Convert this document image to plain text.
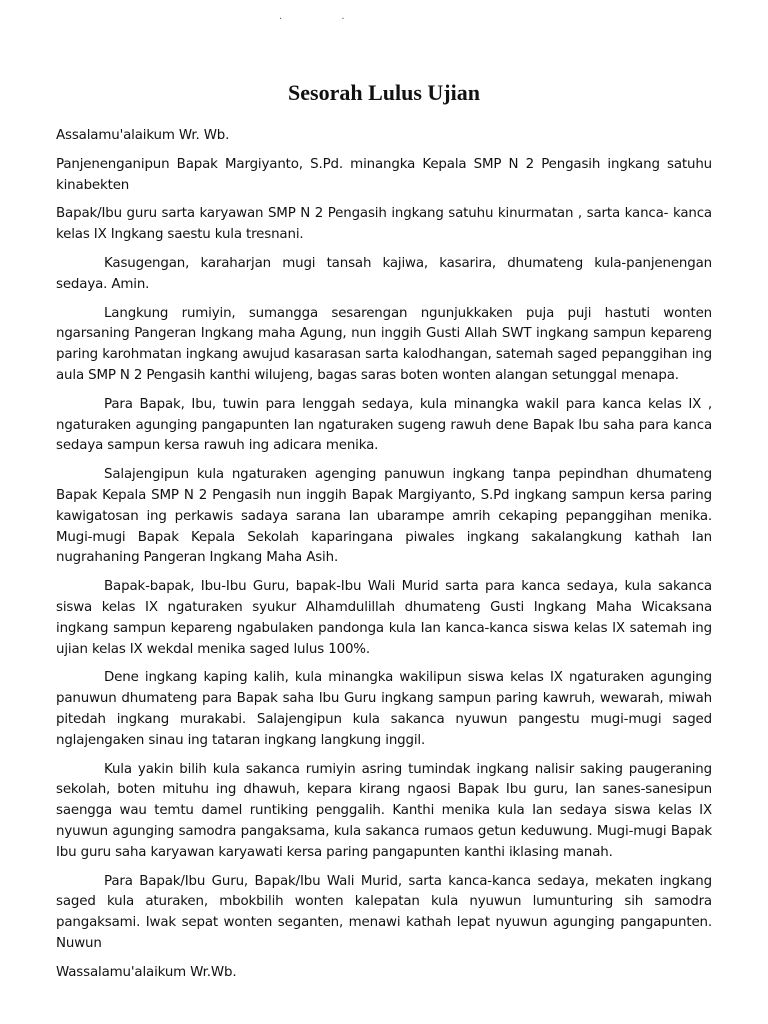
Sesorah Lulus Ujian

Assalamu'alaikum Wr. Wb.

Panjenenganipun Bapak Margiyanto, S.Pd. minangka Kepala SMP N 2 Pengasih ingkang satuhu kinabekten

Bapak/Ibu guru sarta karyawan SMP N 2 Pengasih ingkang satuhu kinurmatan , sarta kanca- kanca kelas IX Ingkang saestu kula tresnani.

Kasugengan, karaharjan mugi tansah kajiwa, kasarira, dhumateng kula-panjenengan sedaya. Amin.

Langkung rumiyin, sumangga sesarengan ngunjukkaken puja puji hastuti wonten ngarsaning Pangeran Ingkang maha Agung, nun inggih Gusti Allah SWT ingkang sampun kepareng paring karohmatan ingkang awujud kasarasan sarta kalodhangan, satemah saged pepanggihan ing aula SMP N 2 Pengasih kanthi wilujeng, bagas saras boten wonten alangan setunggal menapa.

Para Bapak, Ibu, tuwin para lenggah sedaya, kula minangka wakil para kanca kelas IX , ngaturaken agunging pangapunten Ian ngaturaken sugeng rawuh dene Bapak Ibu saha para kanca sedaya sampun kersa rawuh ing adicara menika.

Salajengipun kula ngaturaken agenging panuwun ingkang tanpa pepindhan dhumateng Bapak Kepala SMP N 2 Pengasih nun inggih Bapak Margiyanto, S.Pd ingkang sampun kersa paring kawigatosan ing perkawis sadaya sarana Ian ubarampe amrih cekaping pepanggihan menika. Mugi-mugi Bapak Kepala Sekolah kaparingana piwales ingkang sakalangkung kathah Ian nugrahaning Pangeran Ingkang Maha Asih.

Bapak-bapak, Ibu-Ibu Guru, bapak-Ibu Wali Murid sarta para kanca sedaya, kula sakanca siswa kelas IX ngaturaken syukur Alhamdulillah dhumateng Gusti Ingkang Maha Wicaksana ingkang sampun kepareng ngabulaken pandonga kula Ian kanca-kanca siswa kelas IX satemah ing ujian kelas IX wekdal menika saged lulus 100%.

Dene ingkang kaping kalih, kula minangka wakilipun siswa kelas IX ngaturaken agunging panuwun dhumateng para Bapak saha Ibu Guru ingkang sampun paring kawruh, wewarah, miwah pitedah ingkang murakabi. Salajengipun kula sakanca nyuwun pangestu mugi-mugi saged nglajengaken sinau ing tataran ingkang langkung inggil.

Kula yakin bilih kula sakanca rumiyin asring tumindak ingkang nalisir saking paugeraning sekolah, boten mituhu ing dhawuh, kepara kirang ngaosi Bapak Ibu guru, Ian sanes-sanesipun saengga wau temtu damel runtiking penggalih. Kanthi menika kula Ian sedaya siswa kelas IX nyuwun agunging samodra pangaksama, kula sakanca rumaos getun keduwung. Mugi-mugi Bapak Ibu guru saha karyawan karyawati kersa paring pangapunten kanthi iklasing manah.

Para Bapak/Ibu Guru, Bapak/Ibu Wali Murid, sarta kanca-kanca sedaya, mekaten ingkang saged kula aturaken, mbokbilih wonten kalepatan kula nyuwun lumunturing sih samodra pangaksami. Iwak sepat wonten seganten, menawi kathah lepat nyuwun agunging pangapunten. Nuwun

Wassalamu'alaikum Wr.Wb.

· ·
